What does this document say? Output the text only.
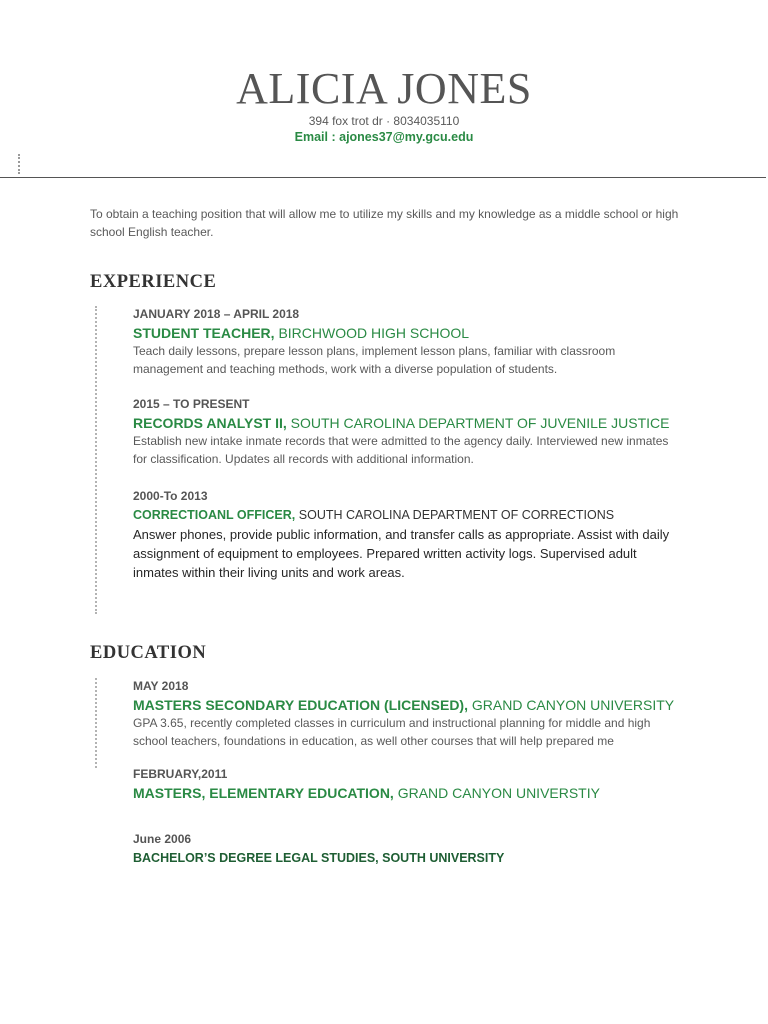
ALICIA JONES
394 fox trot dr · 8034035110
Email : ajones37@my.gcu.edu

To obtain a teaching position that will allow me to utilize my skills and my knowledge as a middle school or high school English teacher.

EXPERIENCE
JANUARY 2018 – APRIL 2018
STUDENT TEACHER, BIRCHWOOD HIGH SCHOOL
Teach daily lessons, prepare lesson plans, implement lesson plans, familiar with classroom management and teaching methods, work with a diverse population of students.
2015 – TO PRESENT
RECORDS ANALYST II, SOUTH CAROLINA DEPARTMENT OF JUVENILE JUSTICE
Establish new intake inmate records that were admitted to the agency daily. Interviewed new inmates for classification. Updates all records with additional information.
2000-To 2013
CORRECTIOANL OFFICER, SOUTH CAROLINA DEPARTMENT OF CORRECTIONS
Answer phones, provide public information, and transfer calls as appropriate. Assist with daily assignment of equipment to employees. Prepared written activity logs. Supervised adult inmates within their living units and work areas.
EDUCATION
MAY 2018
MASTERS SECONDARY EDUCATION (LICENSED), GRAND CANYON UNIVERSITY
GPA 3.65, recently completed classes in curriculum and instructional planning for middle and high school teachers, foundations in education, as well other courses that will help prepared me
FEBRUARY,2011
MASTERS, ELEMENTARY EDUCATION, GRAND CANYON UNIVERSTIY
June 2006
BACHELOR’S DEGREE LEGAL STUDIES, SOUTH UNIVERSITY
